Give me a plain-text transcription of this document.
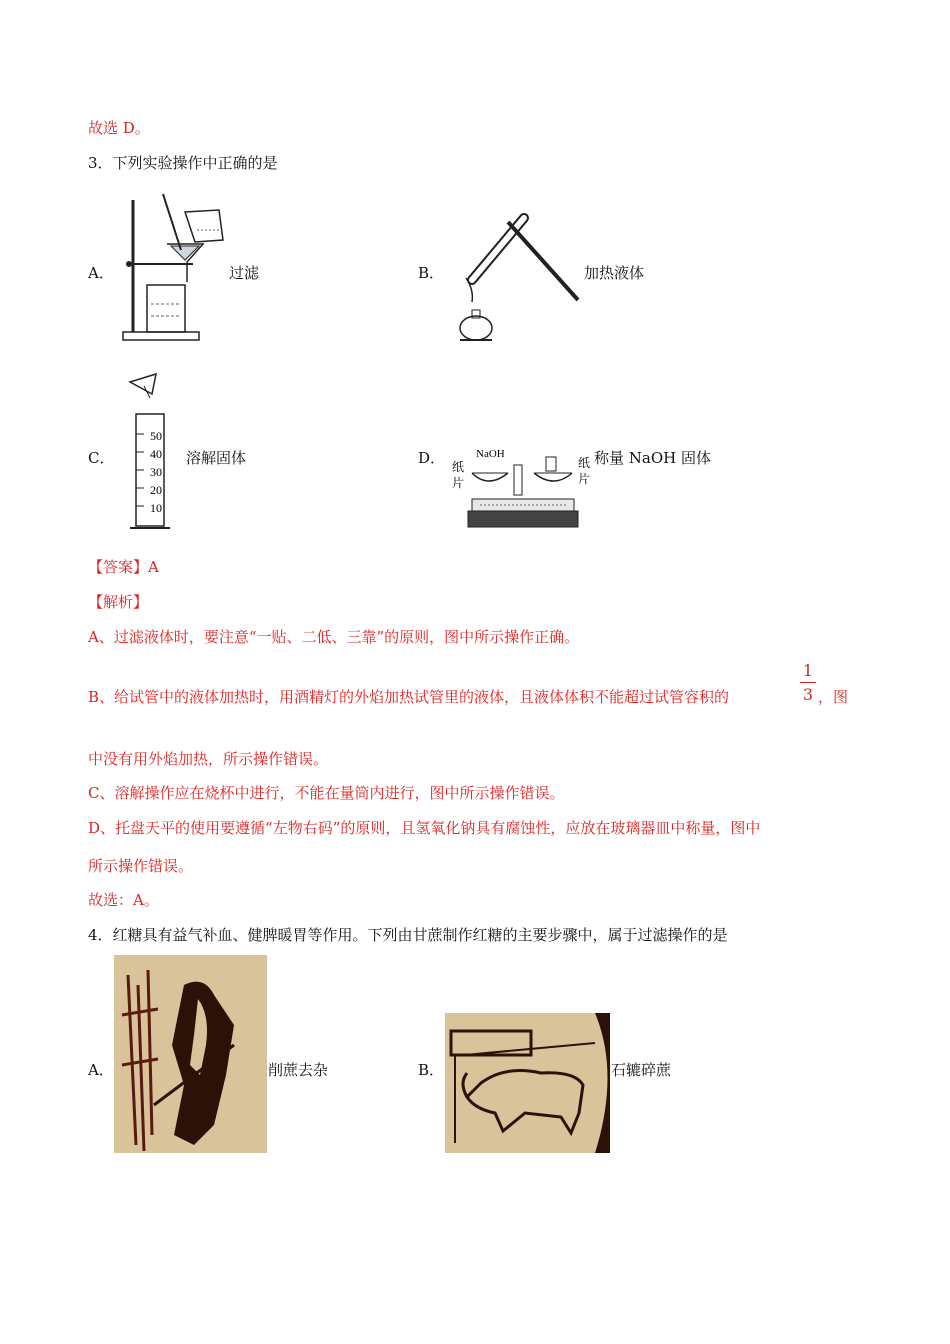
故选 D。
3．下列实验操作中正确的是
A．	过滤	B．	加热液体
C．
50
40
30
20
10
溶解固体	D．	NaOH
纸
片
纸
片
称量 NaOH 固体
【答案】A
【解析】
A、过滤液体时，要注意“一贴、二低、三靠”的原则，图中所示操作正确。
B、给试管中的液体加热时，用酒精灯的外焰加热试管里的液体，且液体体积不能超过试管容积的
1
3 ，图
中没有用外焰加热，所示操作错误。
C、溶解操作应在烧杯中进行，不能在量筒内进行，图中所示操作错误。
D、托盘天平的使用要遵循“左物右码”的原则，且氢氧化钠具有腐蚀性，应放在玻璃器皿中称量，图中
所示操作错误。
故选：A。
4．红糖具有益气补血、健脾暖胃等作用。下列由甘蔗制作红糖的主要步骤中，属于过滤操作的是
A．	削蔗去杂	B．	石辘碎蔗
